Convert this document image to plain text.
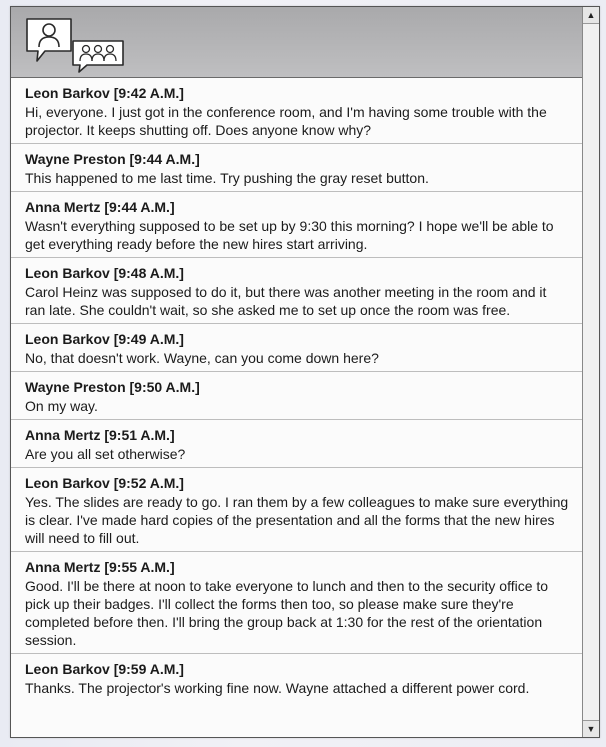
Leon Barkov [9:42 A.M.]
Hi, everyone. I just got in the conference room, and I'm having some trouble with the projector. It keeps shutting off. Does anyone know why?
Wayne Preston [9:44 A.M.]
This happened to me last time. Try pushing the gray reset button.
Anna Mertz [9:44 A.M.]
Wasn't everything supposed to be set up by 9:30 this morning? I hope we'll be able to get everything ready before the new hires start arriving.
Leon Barkov [9:48 A.M.]
Carol Heinz was supposed to do it, but there was another meeting in the room and it ran late. She couldn't wait, so she asked me to set up once the room was free.
Leon Barkov [9:49 A.M.]
No, that doesn't work. Wayne, can you come down here?
Wayne Preston [9:50 A.M.]
On my way.
Anna Mertz [9:51 A.M.]
Are you all set otherwise?
Leon Barkov [9:52 A.M.]
Yes. The slides are ready to go. I ran them by a few colleagues to make sure everything is clear. I've made hard copies of the presentation and all the forms that the new hires will need to fill out.
Anna Mertz [9:55 A.M.]
Good. I'll be there at noon to take everyone to lunch and then to the security office to pick up their badges. I'll collect the forms then too, so please make sure they're completed before then. I'll bring the group back at 1:30 for the rest of the orientation session.
Leon Barkov [9:59 A.M.]
Thanks. The projector's working fine now. Wayne attached a different power cord.
▲
▼
